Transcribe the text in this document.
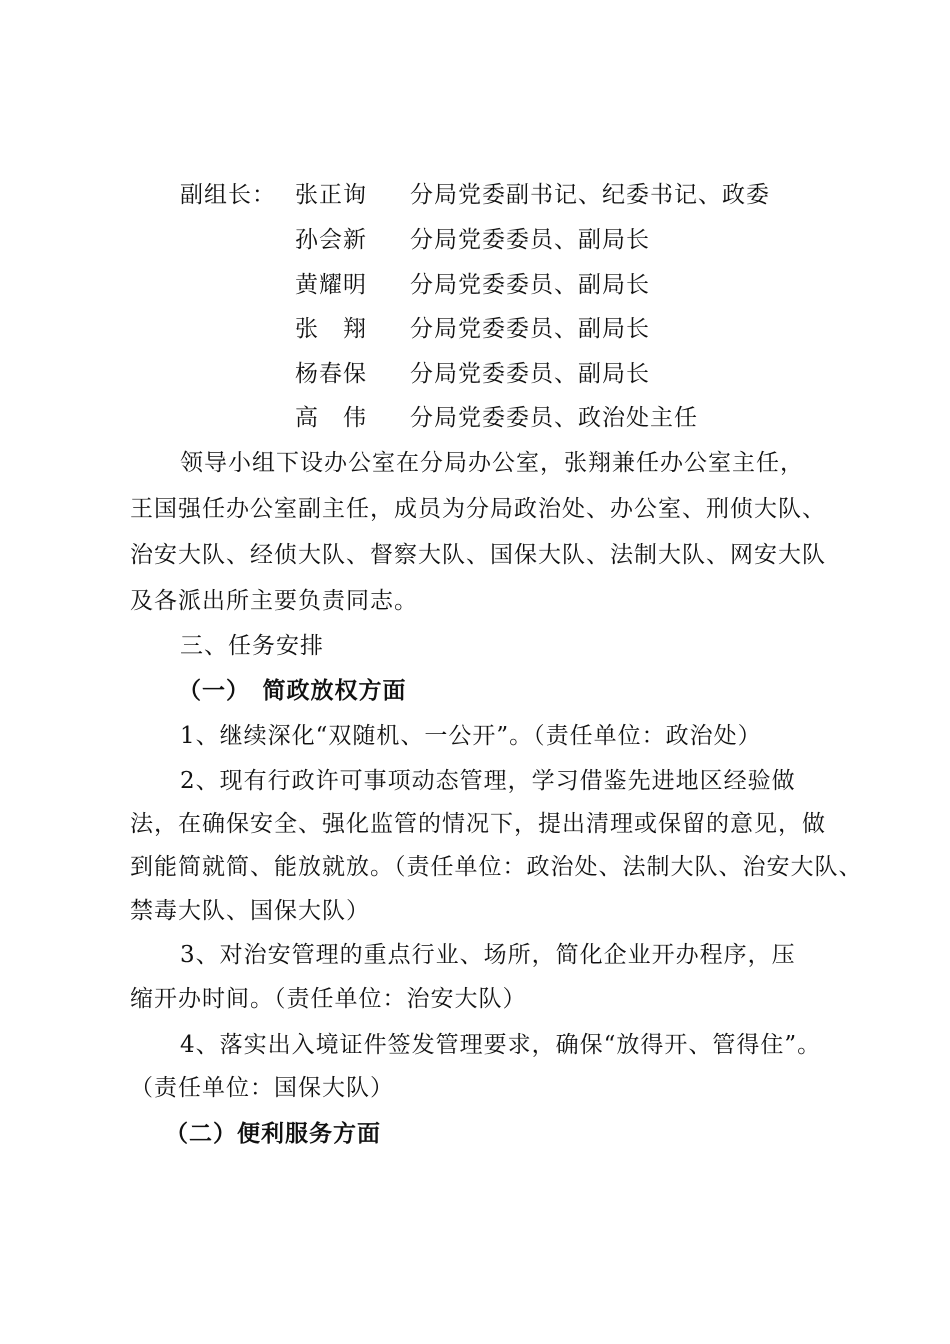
副组长： 张正询 分局党委副书记、纪委书记、政委
孙会新 分局党委委员、副局长
黄耀明 分局党委委员、副局长
张　翔 分局党委委员、副局长
杨春保 分局党委委员、副局长
高　伟 分局党委委员、政治处主任
领导小组下设办公室在分局办公室，张翔兼任办公室主任，
王国强任办公室副主任，成员为分局政治处、办公室、刑侦大队、
治安大队、经侦大队、督察大队、国保大队、法制大队、网安大队
及各派出所主要负责同志。
三、任务安排
（一）　简政放权方面
1、继续深化“双随机、一公开”。（责任单位：政治处）
2、现有行政许可事项动态管理，学习借鉴先进地区经验做
法，在确保安全、强化监管的情况下，提出清理或保留的意见，做
到能简就简、能放就放。（责任单位：政治处、法制大队、治安大队、
禁毒大队、国保大队）
3、对治安管理的重点行业、场所，简化企业开办程序，压
缩开办时间。（责任单位：治安大队）
4、落实出入境证件签发管理要求，确保“放得开、管得住”。
（责任单位：国保大队）
（二）便利服务方面
